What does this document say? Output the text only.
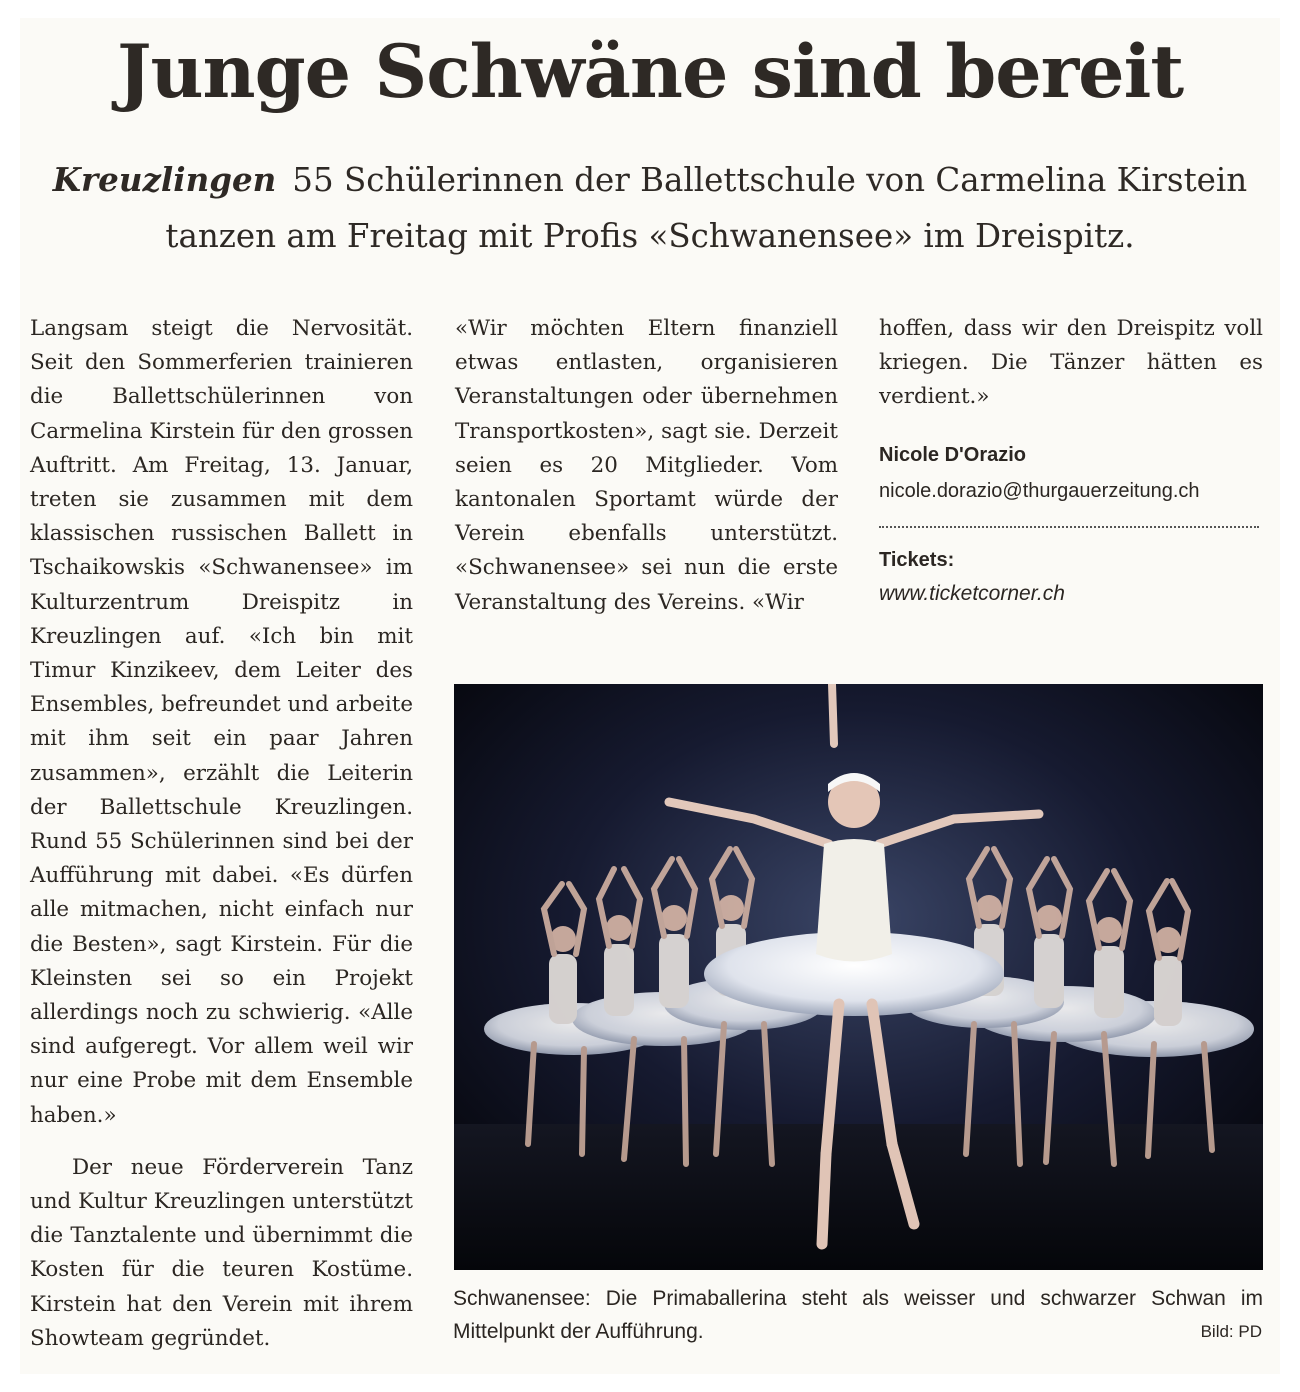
Junge Schwäne sind bereit

Kreuzlingen 55 Schülerinnen der Ballettschule von Carmelina Kirstein tanzen am Freitag mit Profis «Schwanensee» im Dreispitz.

Langsam steigt die Nervosität. Seit den Sommerferien trainieren die Ballettschülerinnen von Carmelina Kirstein für den grossen Auftritt. Am Freitag, 13. Januar, treten sie zusammen mit dem klassischen russischen Ballett in Tschaikowskis «Schwanensee» im Kulturzentrum Dreispitz in Kreuzlingen auf. «Ich bin mit Timur Kinzikeev, dem Leiter des Ensembles, befreundet und arbeite mit ihm seit ein paar Jahren zusammen», erzählt die Leiterin der Ballettschule Kreuzlingen. Rund 55 Schülerinnen sind bei der Aufführung mit dabei. «Es dürfen alle mitmachen, nicht einfach nur die Besten», sagt Kirstein. Für die Kleinsten sei so ein Projekt allerdings noch zu schwierig. «Alle sind aufgeregt. Vor allem weil wir nur eine Probe mit dem Ensemble haben.»

Der neue Förderverein Tanz und Kultur Kreuzlingen unterstützt die Tanztalente und übernimmt die Kosten für die teuren Kostüme. Kirstein hat den Verein mit ihrem Showteam gegründet.

«Wir möchten Eltern finanziell etwas entlasten, organisieren Veranstaltungen oder übernehmen Transportkosten», sagt sie. Derzeit seien es 20 Mitglieder. Vom kantonalen Sportamt würde der Verein ebenfalls unterstützt. «Schwanensee» sei nun die erste Veranstaltung des Vereins. «Wir

hoffen, dass wir den Dreispitz voll kriegen. Die Tänzer hätten es verdient.»

Nicole D'Orazio
nicole.dorazio@thurgauerzeitung.ch
Tickets:
www.ticketcorner.ch

Schwanensee: Die Primaballerina steht als weisser und schwarzer Schwan im Mittelpunkt der Aufführung.	Bild: PD
